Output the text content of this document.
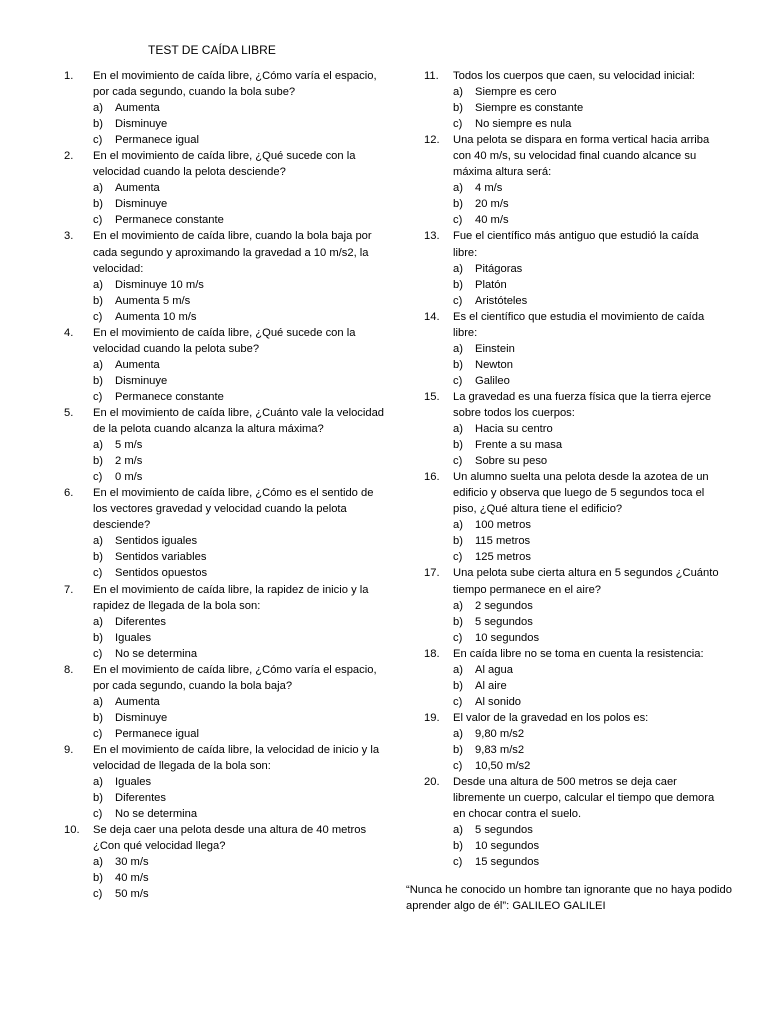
TEST DE CAÍDA LIBRE
1.	En el movimiento de caída libre, ¿Cómo varía el espacio, por cada segundo, cuando la bola sube?
a)	Aumenta
b)	Disminuye
c)	Permanece igual
2.	En el movimiento de caída libre, ¿Qué sucede con la velocidad cuando la pelota desciende?
a)	Aumenta
b)	Disminuye
c)	Permanece constante
3.	En el movimiento de caída libre, cuando la bola baja por cada segundo y aproximando la gravedad a 10 m/s2, la velocidad:
a)	Disminuye 10 m/s
b)	Aumenta 5 m/s
c)	Aumenta 10 m/s
4.	En el movimiento de caída libre, ¿Qué sucede con la velocidad cuando la pelota sube?
a)	Aumenta
b)	Disminuye
c)	Permanece constante
5.	En el movimiento de caída libre, ¿Cuánto vale la velocidad de la pelota cuando alcanza la altura máxima?
a)	5 m/s
b)	2 m/s
c)	0 m/s
6.	En el movimiento de caída libre, ¿Cómo es el sentido de los vectores gravedad y velocidad cuando la pelota desciende?
a)	Sentidos iguales
b)	Sentidos variables
c)	Sentidos opuestos
7.	En el movimiento de caída libre, la rapidez de inicio y la rapidez de llegada de la bola son:
a)	Diferentes
b)	Iguales
c)	No se determina
8.	En el movimiento de caída libre, ¿Cómo varía el espacio, por cada segundo, cuando la bola baja?
a)	Aumenta
b)	Disminuye
c)	Permanece igual
9.	En el movimiento de caída libre, la velocidad de inicio y la velocidad de llegada de la bola son:
a)	Iguales
b)	Diferentes
c)	No se determina
10.	Se deja caer una pelota desde una altura de 40 metros ¿Con qué velocidad llega?
a)	30 m/s
b)	40 m/s
c)	50 m/s
11.	Todos los cuerpos que caen, su velocidad inicial:
a)	Siempre es cero
b)	Siempre es constante
c)	No siempre es nula
12.	Una pelota se dispara en forma vertical hacia arriba con 40 m/s, su velocidad final cuando alcance su máxima altura será:
a)	4 m/s
b)	20 m/s
c)	40 m/s
13.	Fue el científico más antiguo que estudió la caída libre:
a)	Pitágoras
b)	Platón
c)	Aristóteles
14.	Es el científico que estudia el movimiento de caída libre:
a)	Einstein
b)	Newton
c)	Galileo
15.	La gravedad es una fuerza física que la tierra ejerce sobre todos los cuerpos:
a)	Hacia su centro
b)	Frente a su masa
c)	Sobre su peso
16.	Un alumno suelta una pelota desde la azotea de un edificio y observa que luego de 5 segundos toca el piso, ¿Qué altura tiene el edificio?
a)	100 metros
b)	115 metros
c)	125 metros
17.	Una pelota sube cierta altura en 5 segundos ¿Cuánto tiempo permanece en el aire?
a)	2 segundos
b)	5 segundos
c)	10 segundos
18.	En caída libre no se toma en cuenta la resistencia:
a)	Al agua
b)	Al aire
c)	Al sonido
19.	El valor de la gravedad en los polos es:
a)	9,80 m/s2
b)	9,83 m/s2
c)	10,50 m/s2
20.	Desde una altura de 500 metros se deja caer libremente un cuerpo, calcular el tiempo que demora en chocar contra el suelo.
a)	5 segundos
b)	10 segundos
c)	15 segundos
“Nunca he conocido un hombre tan ignorante que no haya podido aprender algo de él”: GALILEO GALILEI
